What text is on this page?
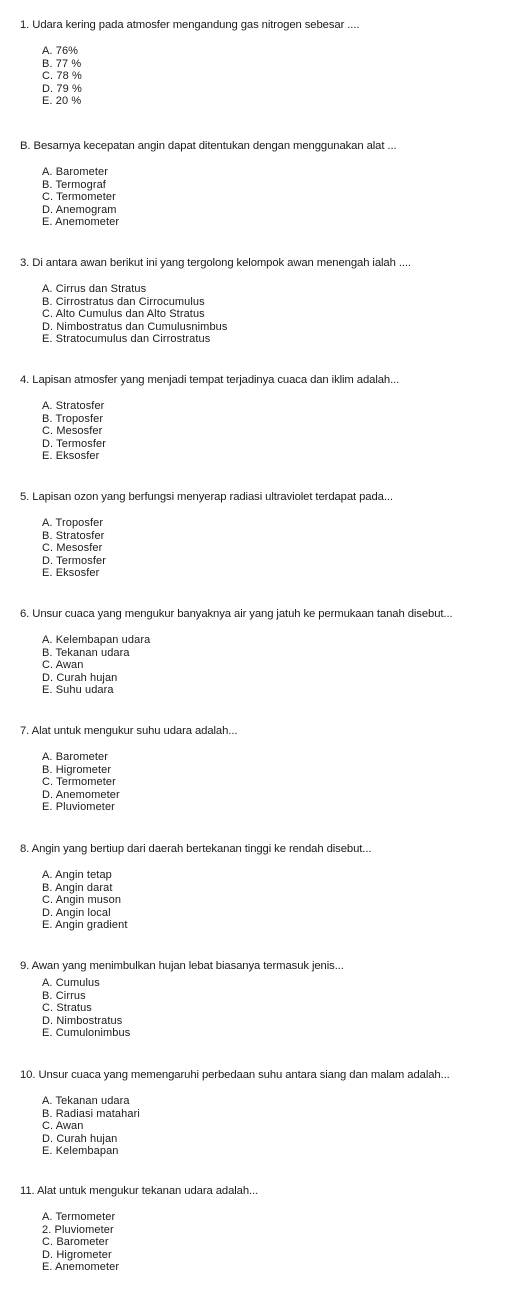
1. Udara kering pada atmosfer mengandung gas nitrogen sebesar ....
A. 76%
B. 77 %
C. 78 %
D. 79 %
E. 20 %
B. Besarnya kecepatan angin dapat ditentukan dengan menggunakan alat ...
A. Barometer
B. Termograf
C. Termometer
D. Anemogram
E. Anemometer
3. Di antara awan berikut ini yang tergolong kelompok awan menengah ialah ....
A. Cirrus dan Stratus
B. Cirrostratus dan Cirrocumulus
C. Alto Cumulus dan Alto Stratus
D. Nimbostratus dan Cumulusnimbus
E. Stratocumulus dan Cirrostratus
4. Lapisan atmosfer yang menjadi tempat terjadinya cuaca dan iklim adalah...
A. Stratosfer
B. Troposfer
C. Mesosfer
D. Termosfer
E. Eksosfer
5. Lapisan ozon yang berfungsi menyerap radiasi ultraviolet terdapat pada...
A. Troposfer
B. Stratosfer
C. Mesosfer
D. Termosfer
E. Eksosfer
6. Unsur cuaca yang mengukur banyaknya air yang jatuh ke permukaan tanah disebut...
A. Kelembapan udara
B. Tekanan udara
C. Awan
D. Curah hujan
E. Suhu udara
7. Alat untuk mengukur suhu udara adalah...
A. Barometer
B. Higrometer
C. Termometer
D. Anemometer
E. Pluviometer
8. Angin yang bertiup dari daerah bertekanan tinggi ke rendah disebut...
A. Angin tetap
B. Angin darat
C. Angin muson
D. Angin local
E. Angin gradient
9. Awan yang menimbulkan hujan lebat biasanya termasuk jenis...
A. Cumulus
B. Cirrus
C. Stratus
D. Nimbostratus
E. Cumulonimbus
10. Unsur cuaca yang memengaruhi perbedaan suhu antara siang dan malam adalah...
A. Tekanan udara
B. Radiasi matahari
C. Awan
D. Curah hujan
E. Kelembapan
11. Alat untuk mengukur tekanan udara adalah...
A. Termometer
2. Pluviometer
C. Barometer
D. Higrometer
E. Anemometer
